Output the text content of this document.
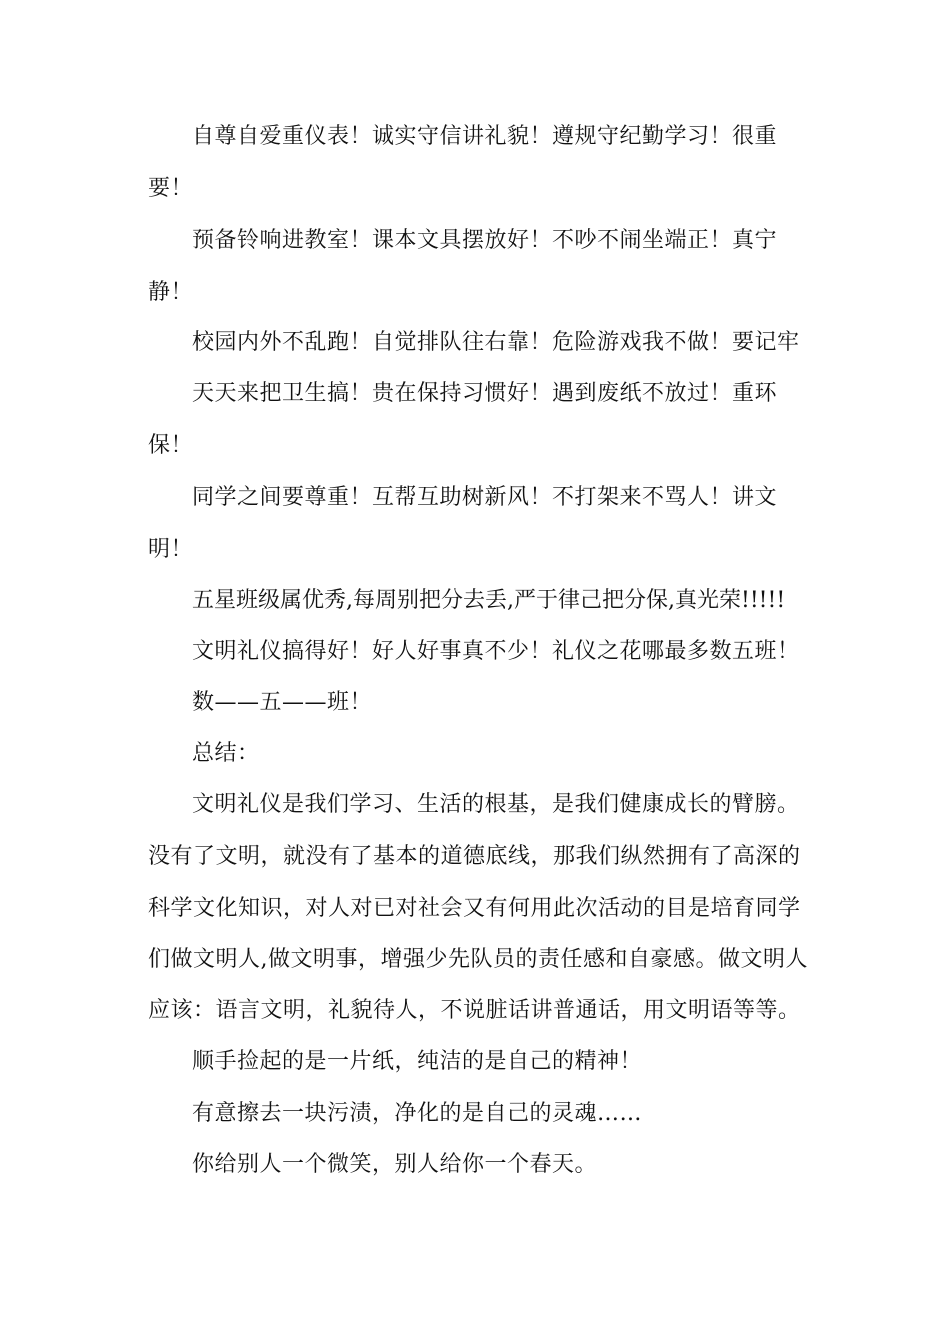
自尊自爱重仪表！诚实守信讲礼貌！遵规守纪勤学习！很重
要！
预备铃响进教室！课本文具摆放好！不吵不闹坐端正！真宁
静！
校园内外不乱跑！自觉排队往右靠！危险游戏我不做！要记牢
天天来把卫生搞！贵在保持习惯好！遇到废纸不放过！重环
保！
同学之间要尊重！互帮互助树新风！不打架来不骂人！讲文
明！
五星班级属优秀,每周别把分去丢,严于律己把分保,真光荣!!!!!
文明礼仪搞得好！好人好事真不少！礼仪之花哪最多数五班！
数——五——班！
总结：
文明礼仪是我们学习、生活的根基，是我们健康成长的臂膀。
没有了文明，就没有了基本的道德底线，那我们纵然拥有了高深的
科学文化知识，对人对已对社会又有何用此次活动的目是培育同学
们做文明人,做文明事，增强少先队员的责任感和自豪感。做文明人
应该：语言文明，礼貌待人，不说脏话讲普通话，用文明语等等。
顺手捡起的是一片纸，纯洁的是自己的精神！
有意擦去一块污渍，净化的是自己的灵魂……
你给别人一个微笑，别人给你一个春天。
